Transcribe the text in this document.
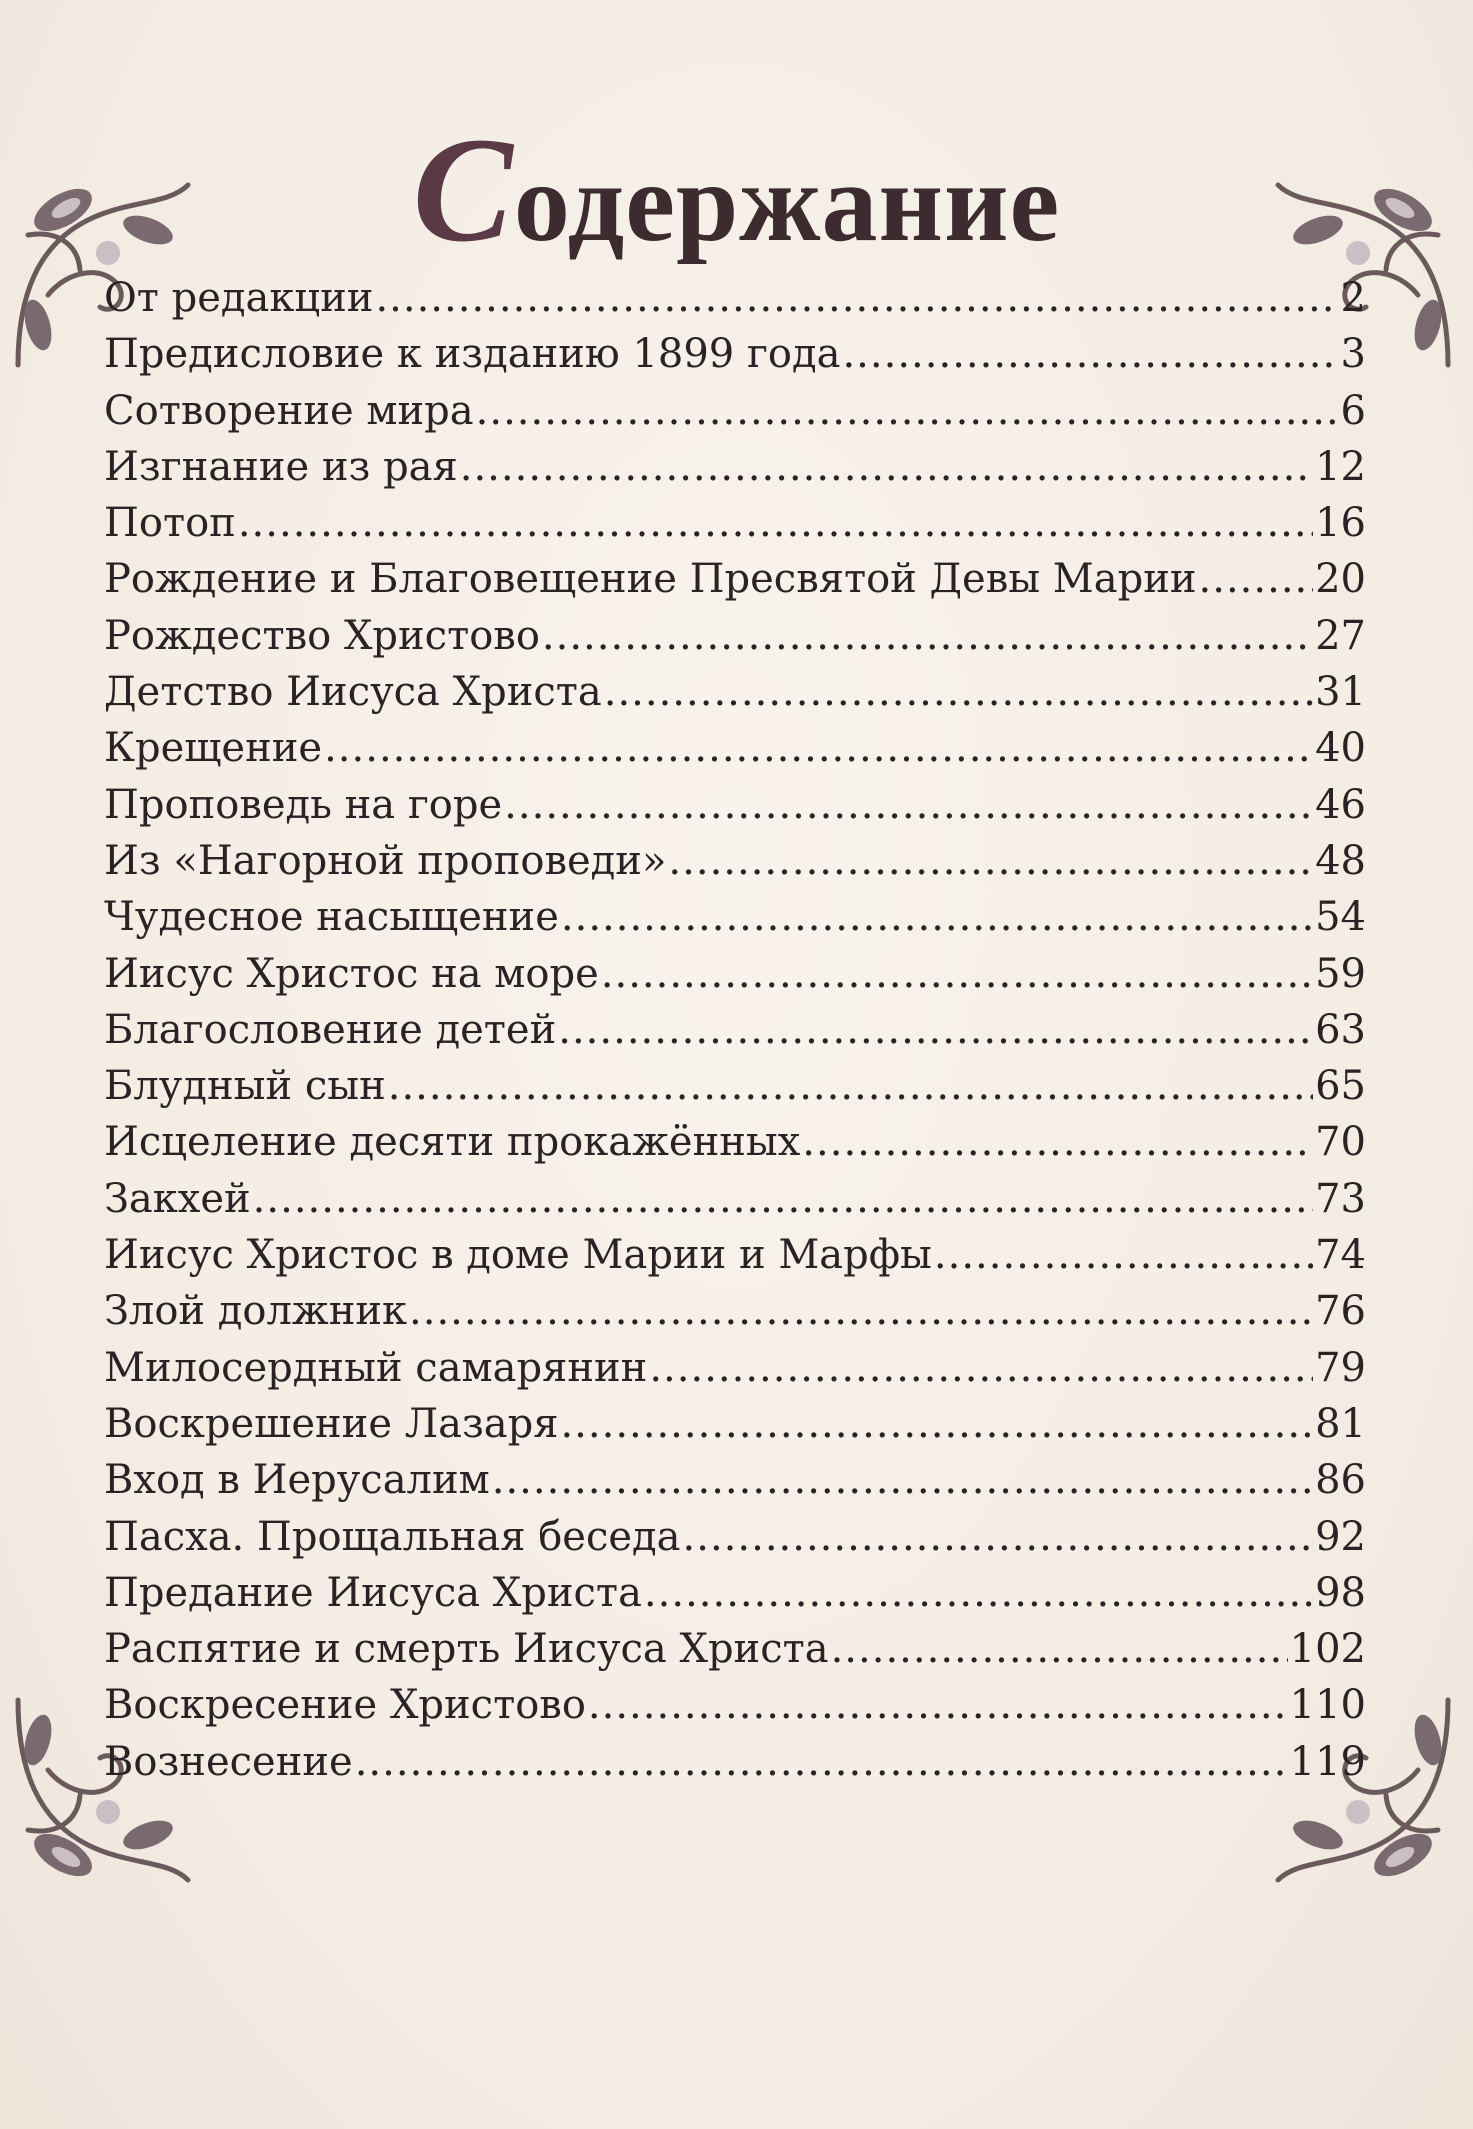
Содержание
От редакции .....	2
Предисловие к изданию 1899 года .....	3
Сотворение мира .....	6
Изгнание из рая .....	12
Потоп .....	16
Рождение и Благовещение Пресвятой Девы Марии .....	20
Рождество Христово .....	27
Детство Иисуса Христа .....	31
Крещение .....	40
Проповедь на горе .....	46
Из «Нагорной проповеди» .....	48
Чудесное насыщение .....	54
Иисус Христос на море .....	59
Благословение детей .....	63
Блудный сын .....	65
Исцеление десяти прокажённых .....	70
Закхей .....	73
Иисус Христос в доме Марии и Марфы .....	74
Злой должник .....	76
Милосердный самарянин .....	79
Воскрешение Лазаря .....	81
Вход в Иерусалим .....	86
Пасха. Прощальная беседа .....	92
Предание Иисуса Христа .....	98
Распятие и смерть Иисуса Христа .....	102
Воскресение Христово .....	110
Вознесение .....	119
